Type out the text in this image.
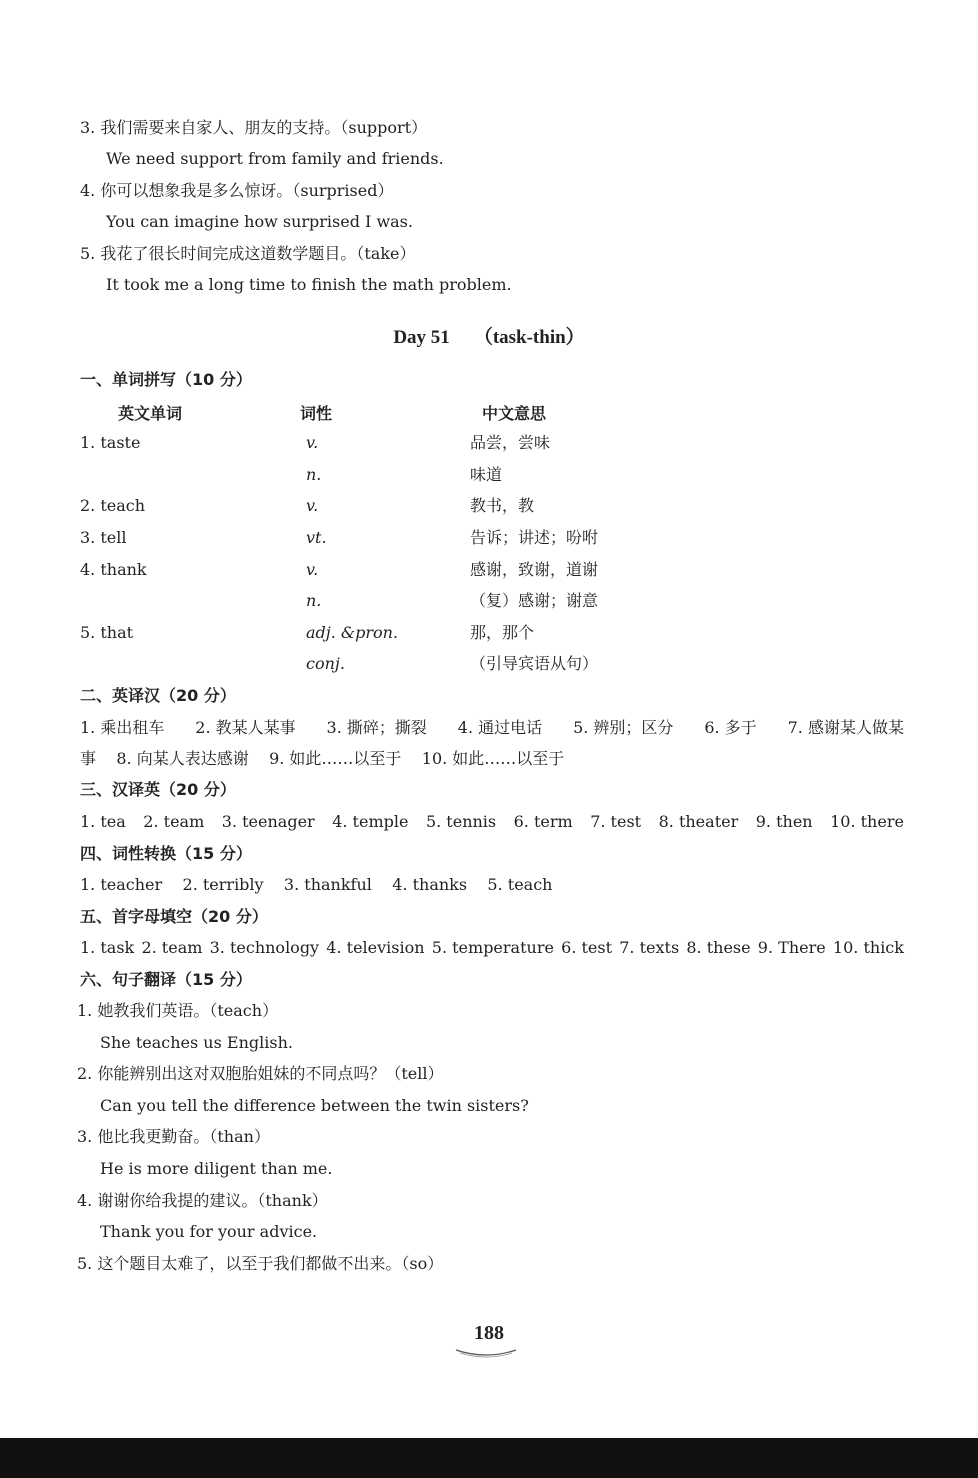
3. 我们需要来自家人、朋友的支持。（support）
We need support from family and friends.
4. 你可以想象我是多么惊讶。（surprised）
You can imagine how surprised I was.
5. 我花了很长时间完成这道数学题目。（take）
It took me a long time to finish the math problem.
Day 51 （task-thin）
一、单词拼写（10 分）
英文单词	词性	中文意思
1. taste	v.	品尝，尝味
n.	味道
2. teach	v.	教书，教
3. tell	vt.	告诉；讲述；吩咐
4. thank	v.	感谢，致谢，道谢
n.	（复）感谢；谢意
5. that	adj. &pron.	那，那个
conj.	（引导宾语从句）
二、英译汉（20 分）
1. 乘出租车 2. 教某人某事 3. 撕碎；撕裂 4. 通过电话 5. 辨别；区分 6. 多于 7. 感谢某人做某
事 8. 向某人表达感谢 9. 如此……以至于 10. 如此……以至于
三、汉译英（20 分）
1. tea 2. team 3. teenager 4. temple 5. tennis 6. term 7. test 8. theater 9. then 10. there
四、词性转换（15 分）
1. teacher 2. terribly 3. thankful 4. thanks 5. teach
五、首字母填空（20 分）
1. task 2. team 3. technology 4. television 5. temperature 6. test 7. texts 8. these 9. There 10. thick
六、句子翻译（15 分）
1. 她教我们英语。（teach）
She teaches us English.
2. 你能辨别出这对双胞胎姐妹的不同点吗？（tell）
Can you tell the difference between the twin sisters?
3. 他比我更勤奋。（than）
He is more diligent than me.
4. 谢谢你给我提的建议。（thank）
Thank you for your advice.
5. 这个题目太难了，以至于我们都做不出来。（so）
188
